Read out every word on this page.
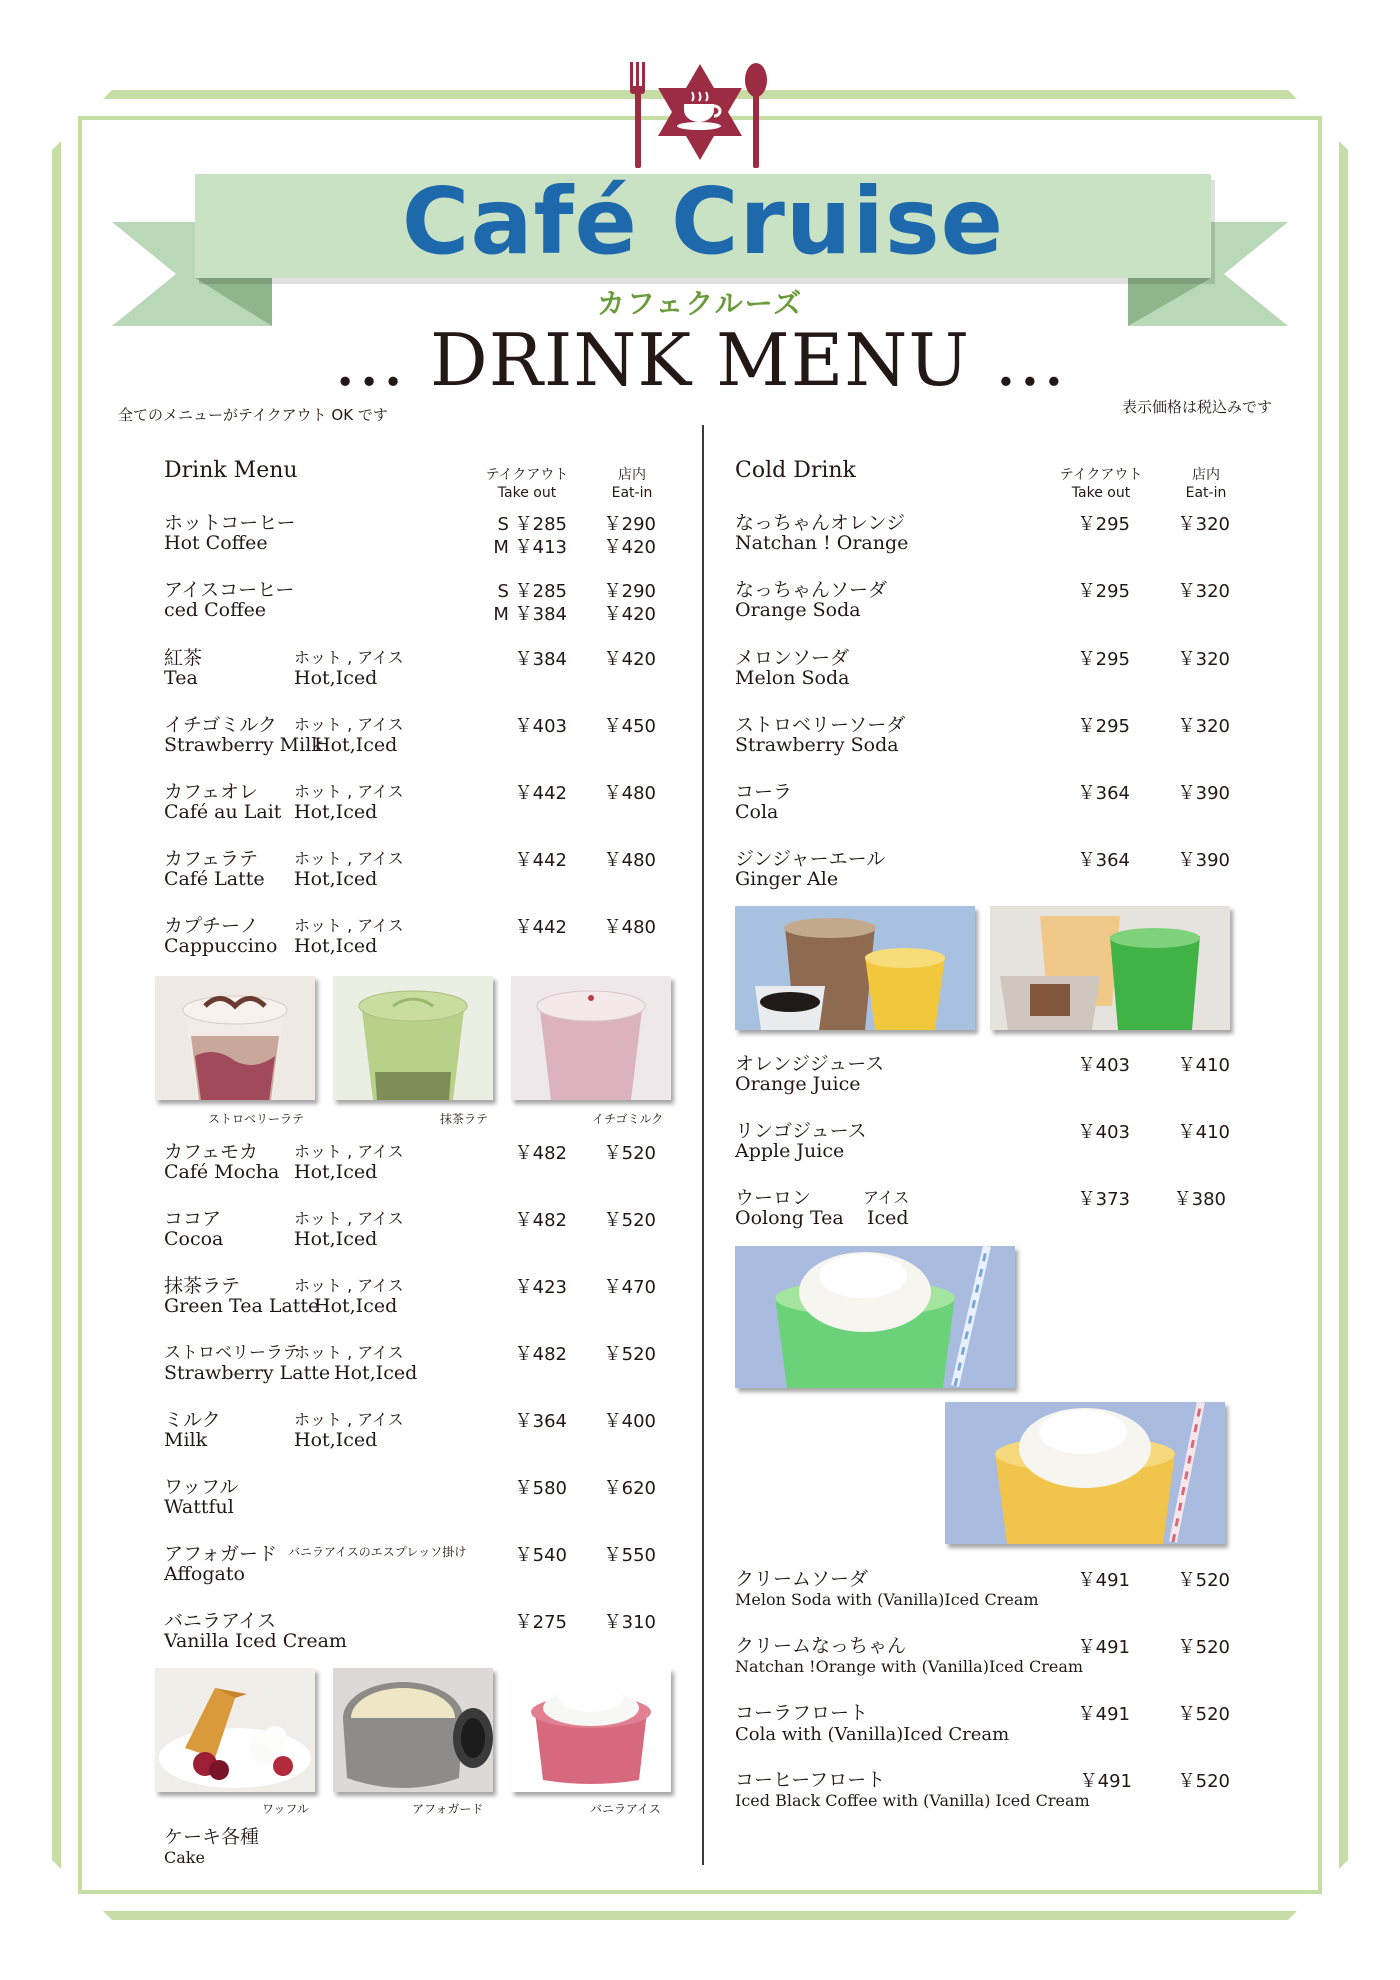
Café Cruise
カフェクルーズ
… DRINK MENU …
全てのメニューがテイクアウト OK です	表示価格は税込みです
Drink Menu	テイクアウト
Take out
店内
Eat-in
Cold Drink	テイクアウト
Take out
店内
Eat-in
ホットコーヒー
Hot Coffee
S ￥285 ￥290
M ￥413 ￥420
アイスコーヒー
ced Coffee
S ￥285 ￥290
M ￥384 ￥420
紅茶
Tea
ホット , アイス
Hot,Iced
￥384 ￥420
イチゴミルク
Strawberry Milk
ホット , アイス
Hot,Iced
￥403 ￥450
カフェオレ
Café au Lait
ホット , アイス
Hot,Iced
￥442 ￥480
カフェラテ
Café Latte
ホット , アイス
Hot,Iced
￥442 ￥480
カプチーノ
Cappuccino
ホット , アイス
Hot,Iced
￥442 ￥480
ストロベリーラテ	抹茶ラテ	イチゴミルク
カフェモカ
Café Mocha
ホット , アイス
Hot,Iced
￥482 ￥520
ココア
Cocoa
ホット , アイス
Hot,Iced
￥482 ￥520
抹茶ラテ
Green Tea Latte
ホット , アイス
Hot,Iced
￥423 ￥470
ストロベリーラテ
Strawberry Latte
ホット , アイス
Hot,Iced
￥482 ￥520
ミルク
Milk
ホット , アイス
Hot,Iced
￥364 ￥400
ワッフル
Wattful
￥580 ￥620
アフォガード
Affogato
バニラアイスのエスプレッソ掛け	￥540 ￥550
バニラアイス
Vanilla Iced Cream
￥275 ￥310
ワッフル	アフォガード	バニラアイス
ケーキ各種
Cake
なっちゃんオレンジ
Natchan ! Orange
￥295	￥320
なっちゃんソーダ
Orange Soda
￥295	￥320
メロンソーダ
Melon Soda
￥295	￥320
ストロベリーソーダ
Strawberry Soda
￥295	￥320
コーラ
Cola
￥364	￥390
ジンジャーエール
Ginger Ale
￥364	￥390
オレンジジュース
Orange Juice
￥403	￥410
リンゴジュース
Apple Juice
￥403	￥410
ウーロン
Oolong Tea
アイス
Iced
￥373 ￥380
クリームソーダ
Melon Soda with (Vanilla)Iced Cream
￥491	￥520
クリームなっちゃん
Natchan !Orange with (Vanilla)Iced Cream
￥491	￥520
コーラフロート
Cola with (Vanilla)Iced Cream
￥491	￥520
コーヒーフロート
Iced Black Coffee with (Vanilla) Iced Cream
￥491	￥520
